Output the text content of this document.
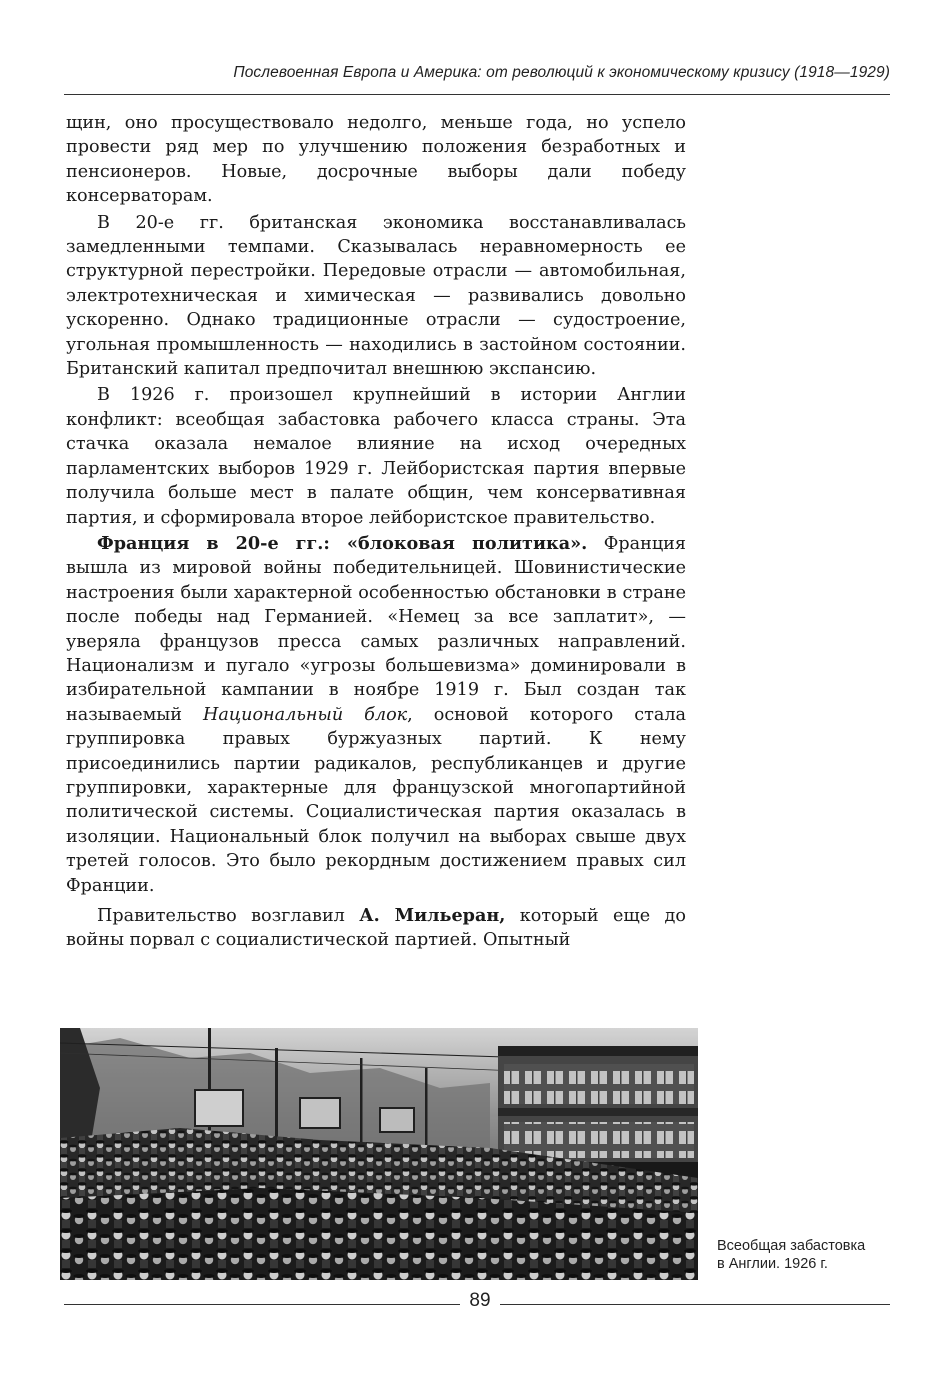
Послевоенная Европа и Америка: от революций к экономическому кризису (1918—1929)

щин, оно просуществовало недолго, меньше года, но успело провести ряд мер по улучшению положения безработных и пенсионеров. Новые, досрочные выборы дали победу консерваторам.

В 20-е гг. британская экономика восстанавливалась замедленными темпами. Сказывалась неравномерность ее структурной перестройки. Передовые отрасли — автомобильная, электротехническая и химическая — развивались довольно ускоренно. Однако традиционные отрасли — судостроение, угольная промышленность — находились в застойном состоянии. Британский капитал предпочитал внешнюю экспансию.

В 1926 г. произошел крупнейший в истории Англии конфликт: всеобщая забастовка рабочего класса страны. Эта стачка оказала немалое влияние на исход очередных парламентских выборов 1929 г. Лейбористская партия впервые получила больше мест в палате общин, чем консервативная партия, и сформировала второе лейбористское правительство.

Франция в 20-е гг.: «блоковая политика». Франция вышла из мировой войны победительницей. Шовинистические настроения были характерной особенностью обстановки в стране после победы над Германией. «Немец за все заплатит», — уверяла французов пресса самых различных направлений. Национализм и пугало «угрозы большевизма» доминировали в избирательной кампании в ноябре 1919 г. Был создан так называемый Национальный блок, основой которого стала группировка правых буржуазных партий. К нему присоединились партии радикалов, республиканцев и другие группировки, характерные для французской многопартийной политической системы. Социалистическая партия оказалась в изоляции. Национальный блок получил на выборах свыше двух третей голосов. Это было рекордным достижением правых сил Франции.

Правительство возглавил А. Мильеран, который еще до войны порвал с социалистической партией. Опытный

Всеобщая забастовка
в Англии. 1926 г.
89
